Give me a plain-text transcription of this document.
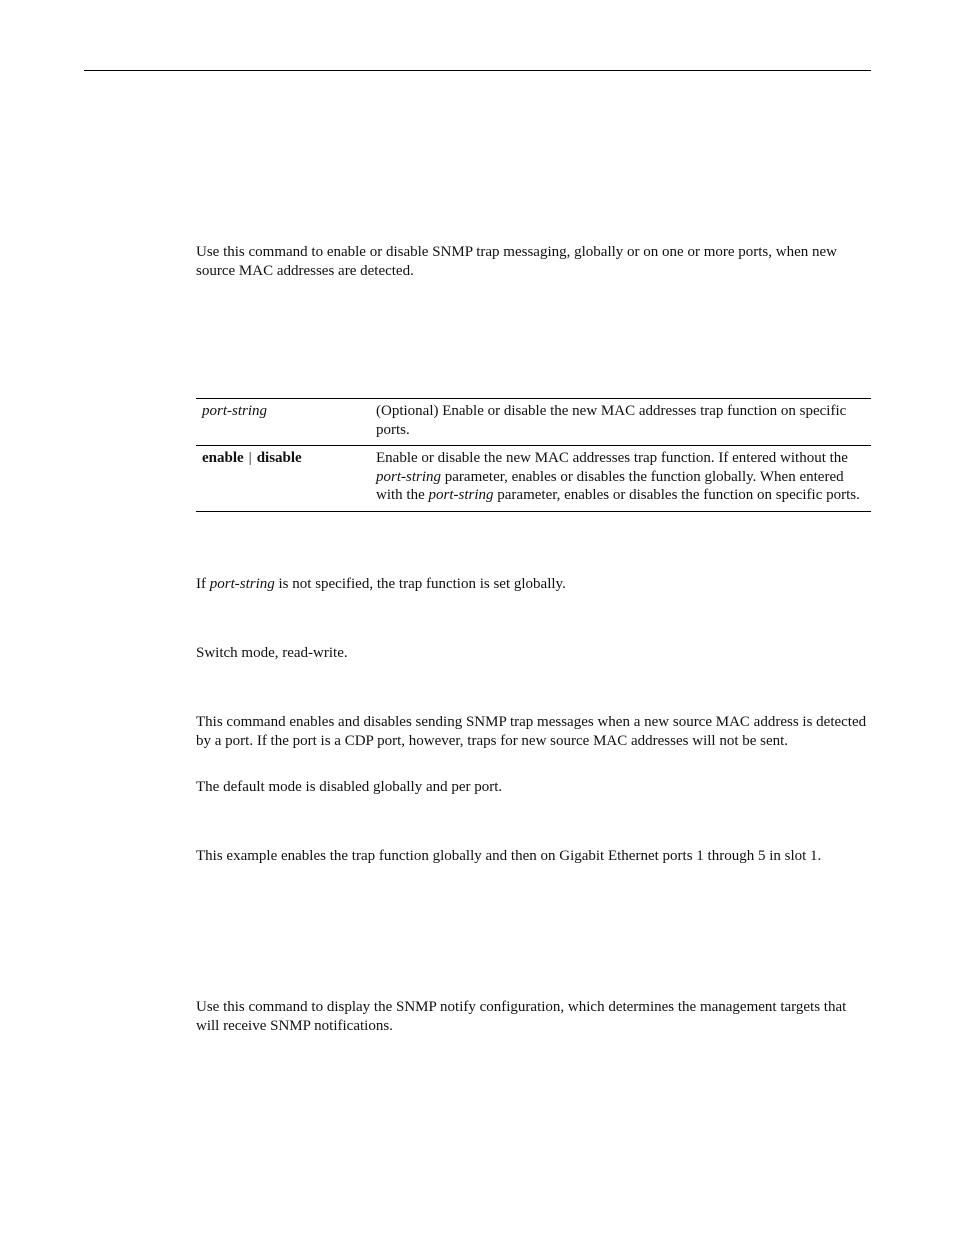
Use this command to enable or disable SNMP trap messaging, globally or on one or more ports, when new source MAC addresses are detected.

port-string	(Optional) Enable or disable the new MAC addresses trap function on specific ports.
enable | disable	Enable or disable the new MAC addresses trap function. If entered without the port-string parameter, enables or disables the function globally. When entered with the port-string parameter, enables or disables the function on specific ports.

If port-string is not specified, the trap function is set globally.

Switch mode, read-write.

This command enables and disables sending SNMP trap messages when a new source MAC address is detected by a port. If the port is a CDP port, however, traps for new source MAC addresses will not be sent.

The default mode is disabled globally and per port.

This example enables the trap function globally and then on Gigabit Ethernet ports 1 through 5 in slot 1.

Use this command to display the SNMP notify configuration, which determines the management targets that will receive SNMP notifications.
